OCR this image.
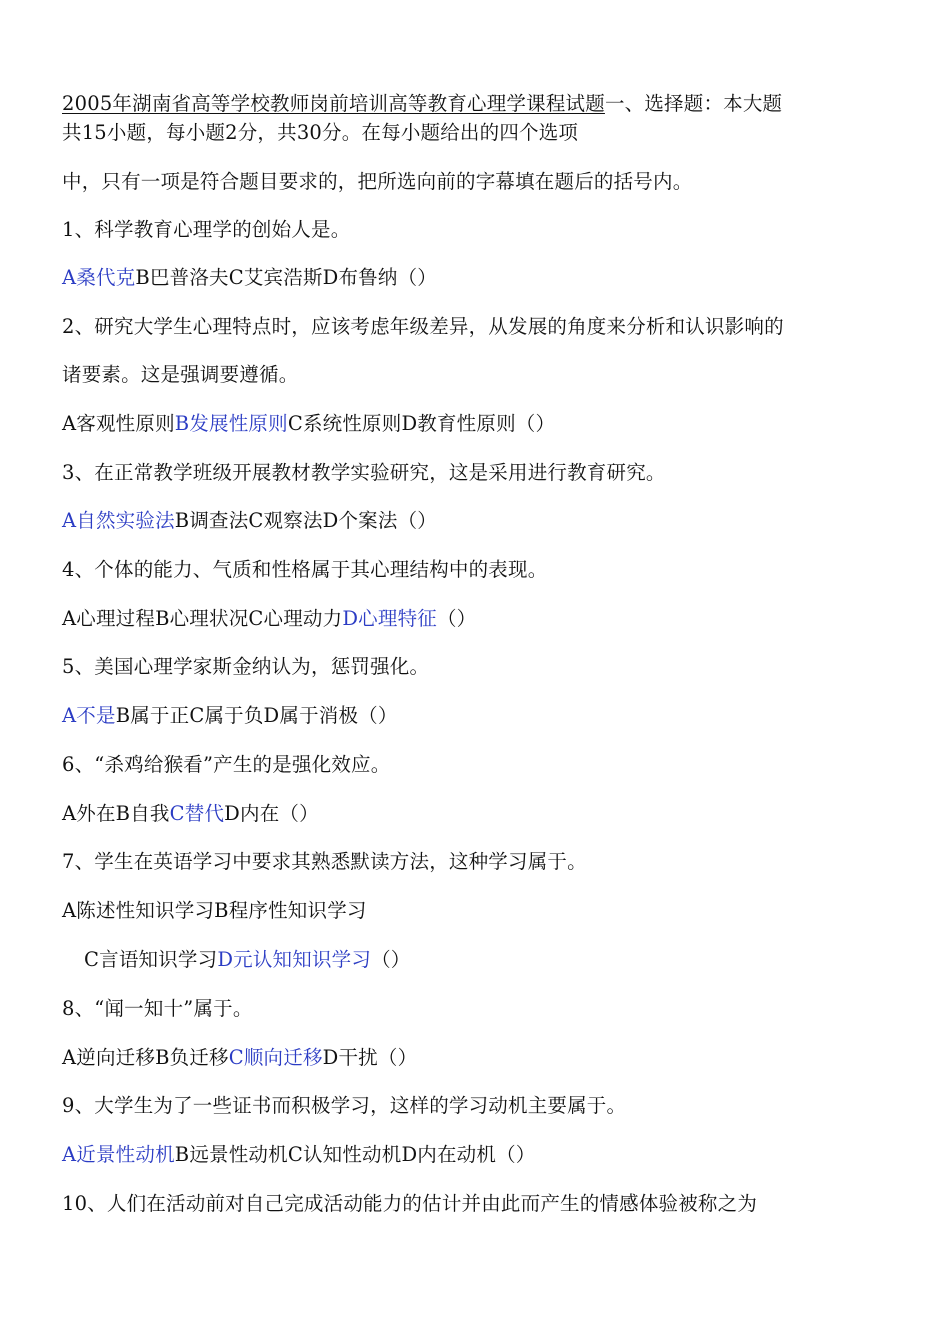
2005年湖南省高等学校教师岗前培训高等教育心理学课程试题一、选择题：本大题
共15小题，每小题2分，共30分。在每小题给出的四个选项
中，只有一项是符合题目要求的，把所选向前的字幕填在题后的括号内。
1、科学教育心理学的创始人是。
A桑代克B巴普洛夫C艾宾浩斯D布鲁纳（）
2、研究大学生心理特点时，应该考虑年级差异，从发展的角度来分析和认识影响的
诸要素。这是强调要遵循。
A客观性原则B发展性原则C系统性原则D教育性原则（）
3、在正常教学班级开展教材教学实验研究，这是采用进行教育研究。
A自然实验法B调查法C观察法D个案法（）
4、个体的能力、气质和性格属于其心理结构中的表现。
A心理过程B心理状况C心理动力D心理特征（）
5、美国心理学家斯金纳认为，惩罚强化。
A不是B属于正C属于负D属于消极（）
6、“杀鸡给猴看”产生的是强化效应。
A外在B自我C替代D内在（）
7、学生在英语学习中要求其熟悉默读方法，这种学习属于。
A陈述性知识学习B程序性知识学习
C言语知识学习D元认知知识学习（）
8、“闻一知十”属于。
A逆向迁移B负迁移C顺向迁移D干扰（）
9、大学生为了一些证书而积极学习，这样的学习动机主要属于。
A近景性动机B远景性动机C认知性动机D内在动机（）
10、人们在活动前对自己完成活动能力的估计并由此而产生的情感体验被称之为
